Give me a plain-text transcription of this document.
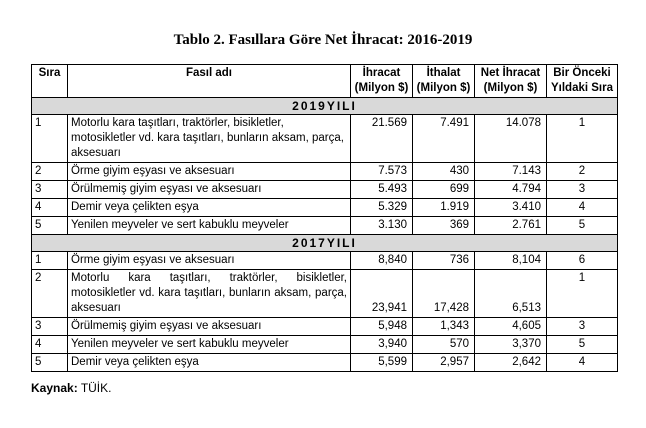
Tablo 2. Fasıllara Göre Net İhracat: 2016-2019
Sıra	Fasıl adı	İhracat (Milyon $)	İthalat (Milyon $)	Net İhracat (Milyon $)	Bir Önceki Yıldaki Sıra
2019YILI					
1	Motorlu kara taşıtları, traktörler, bisikletler, motosikletler vd. kara taşıtları, bunların aksam, parça, aksesuarı	21.569	7.491	14.078	1
2	Örme giyim eşyası ve aksesuarı	7.573	430	7.143	2
3	Örülmemiş giyim eşyası ve aksesuarı	5.493	699	4.794	3
4	Demir veya çelikten eşya	5.329	1.919	3.410	4
5	Yenilen meyveler ve sert kabuklu meyveler	3.130	369	2.761	5
2017YILI					
1	Örme giyim eşyası ve aksesuarı	8,840	736	8,104	6
2	Motorlu kara taşıtları, traktörler, bisikletler, motosikletler vd. kara taşıtları, bunların aksam, parça, aksesuarı	23,941	17,428	6,513	1
3	Örülmemiş giyim eşyası ve aksesuarı	5,948	1,343	4,605	3
4	Yenilen meyveler ve sert kabuklu meyveler	3,940	570	3,370	5
5	Demir veya çelikten eşya	5,599	2,957	2,642	4
Kaynak: TÜİK.
